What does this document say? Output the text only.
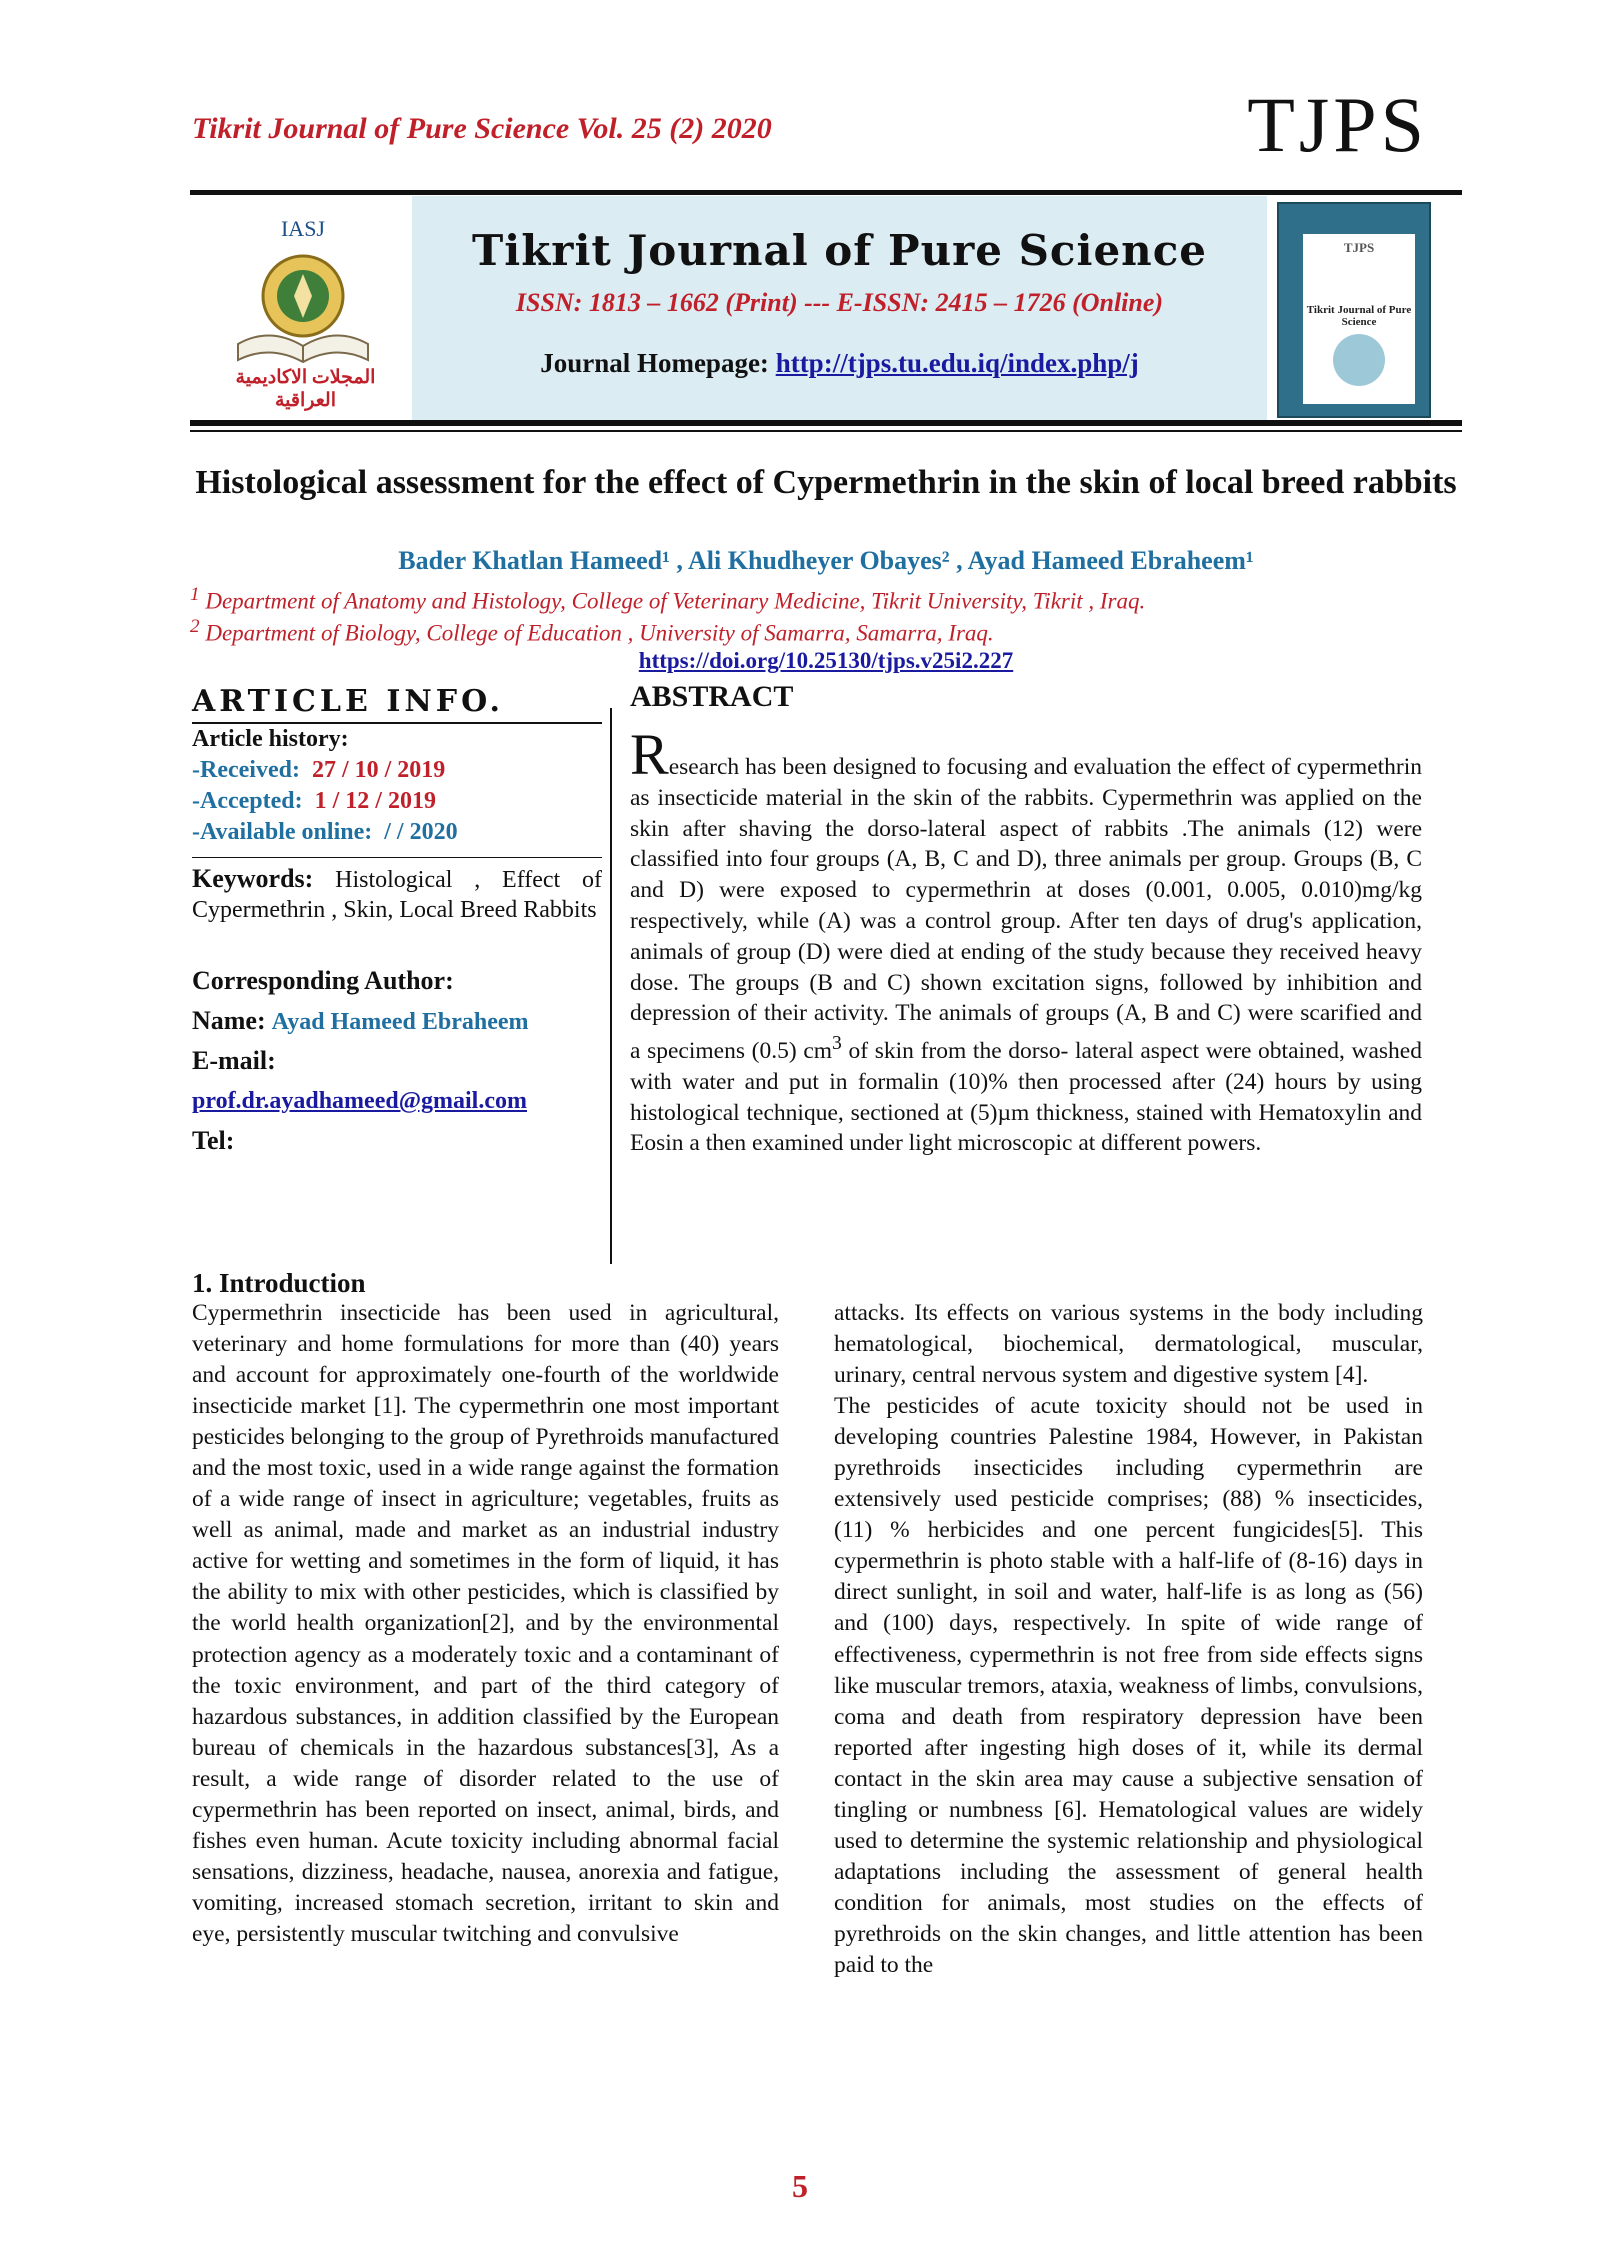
Tikrit Journal of Pure Science Vol. 25 (2) 2020	TJPS
IASJ
المجلات الاكاديمية العراقية
Tikrit Journal of Pure Science
ISSN: 1813 – 1662 (Print) --- E-ISSN: 2415 – 1726 (Online)
Journal Homepage: http://tjps.tu.edu.iq/index.php/j
TJPS
Tikrit Journal of Pure Science
Histological assessment for the effect of Cypermethrin in the skin of local breed rabbits
Bader Khatlan Hameed¹ , Ali Khudheyer Obayes² , Ayad Hameed Ebraheem¹
$^1$ Department of Anatomy and Histology, College of Veterinary Medicine, Tikrit University, Tikrit , Iraq.
$^2$ Department of Biology, College of Education , University of Samarra, Samarra, Iraq.
https://doi.org/10.25130/tjps.v25i2.227
ARTICLE INFO.
Article history:
-Received: 27 / 10 / 2019
-Accepted: 1 / 12 / 2019
-Available online: / / 2020
Keywords: Histological , Effect of Cypermethrin , Skin, Local Breed Rabbits
Corresponding Author:
Name: Ayad Hameed Ebraheem
E-mail:
prof.dr.ayadhameed@gmail.com
Tel:
ABSTRACT
Research has been designed to focusing and evaluation the effect of cypermethrin as insecticide material in the skin of the rabbits. Cypermethrin was applied on the skin after shaving the dorso-lateral aspect of rabbits .The animals (12) were classified into four groups (A, B, C and D), three animals per group. Groups (B, C and D) were exposed to cypermethrin at doses (0.001, 0.005, 0.010)mg/kg respectively, while (A) was a control group. After ten days of drug's application, animals of group (D) were died at ending of the study because they received heavy dose. The groups (B and C) shown excitation signs, followed by inhibition and depression of their activity. The animals of groups (A, B and C) were scarified and a specimens (0.5) $cm^3$ of skin from the dorso- lateral aspect were obtained, washed with water and put in formalin (10)% then processed after (24) hours by using histological technique, sectioned at (5)µm thickness, stained with Hematoxylin and Eosin a then examined under light microscopic at different powers.
1. Introduction
Cypermethrin insecticide has been used in agricultural, veterinary and home formulations for more than (40) years and account for approximately one-fourth of the worldwide insecticide market [1]. The cypermethrin one most important pesticides belonging to the group of Pyrethroids manufactured and the most toxic, used in a wide range against the formation of a wide range of insect in agriculture; vegetables, fruits as well as animal, made and market as an industrial industry active for wetting and sometimes in the form of liquid, it has the ability to mix with other pesticides, which is classified by the world health organization[2], and by the environmental protection agency as a moderately toxic and a contaminant of the toxic environment, and part of the third category of hazardous substances, in addition classified by the European bureau of chemicals in the hazardous substances[3], As a result, a wide range of disorder related to the use of cypermethrin has been reported on insect, animal, birds, and fishes even human. Acute toxicity including abnormal facial sensations, dizziness, headache, nausea, anorexia and fatigue, vomiting, increased stomach secretion, irritant to skin and eye, persistently muscular twitching and convulsive
attacks. Its effects on various systems in the body including hematological, biochemical, dermatological, muscular, urinary, central nervous system and digestive system [4].
The pesticides of acute toxicity should not be used in developing countries Palestine 1984, However, in Pakistan pyrethroids insecticides including cypermethrin are extensively used pesticide comprises; (88) % insecticides, (11) % herbicides and one percent fungicides[5]. This cypermethrin is photo stable with a half-life of (8-16) days in direct sunlight, in soil and water, half-life is as long as (56) and (100) days, respectively. In spite of wide range of effectiveness, cypermethrin is not free from side effects signs like muscular tremors, ataxia, weakness of limbs, convulsions, coma and death from respiratory depression have been reported after ingesting high doses of it, while its dermal contact in the skin area may cause a subjective sensation of tingling or numbness [6]. Hematological values are widely used to determine the systemic relationship and physiological adaptations including the assessment of general health condition for animals, most studies on the effects of pyrethroids on the skin changes, and little attention has been paid to the
5
